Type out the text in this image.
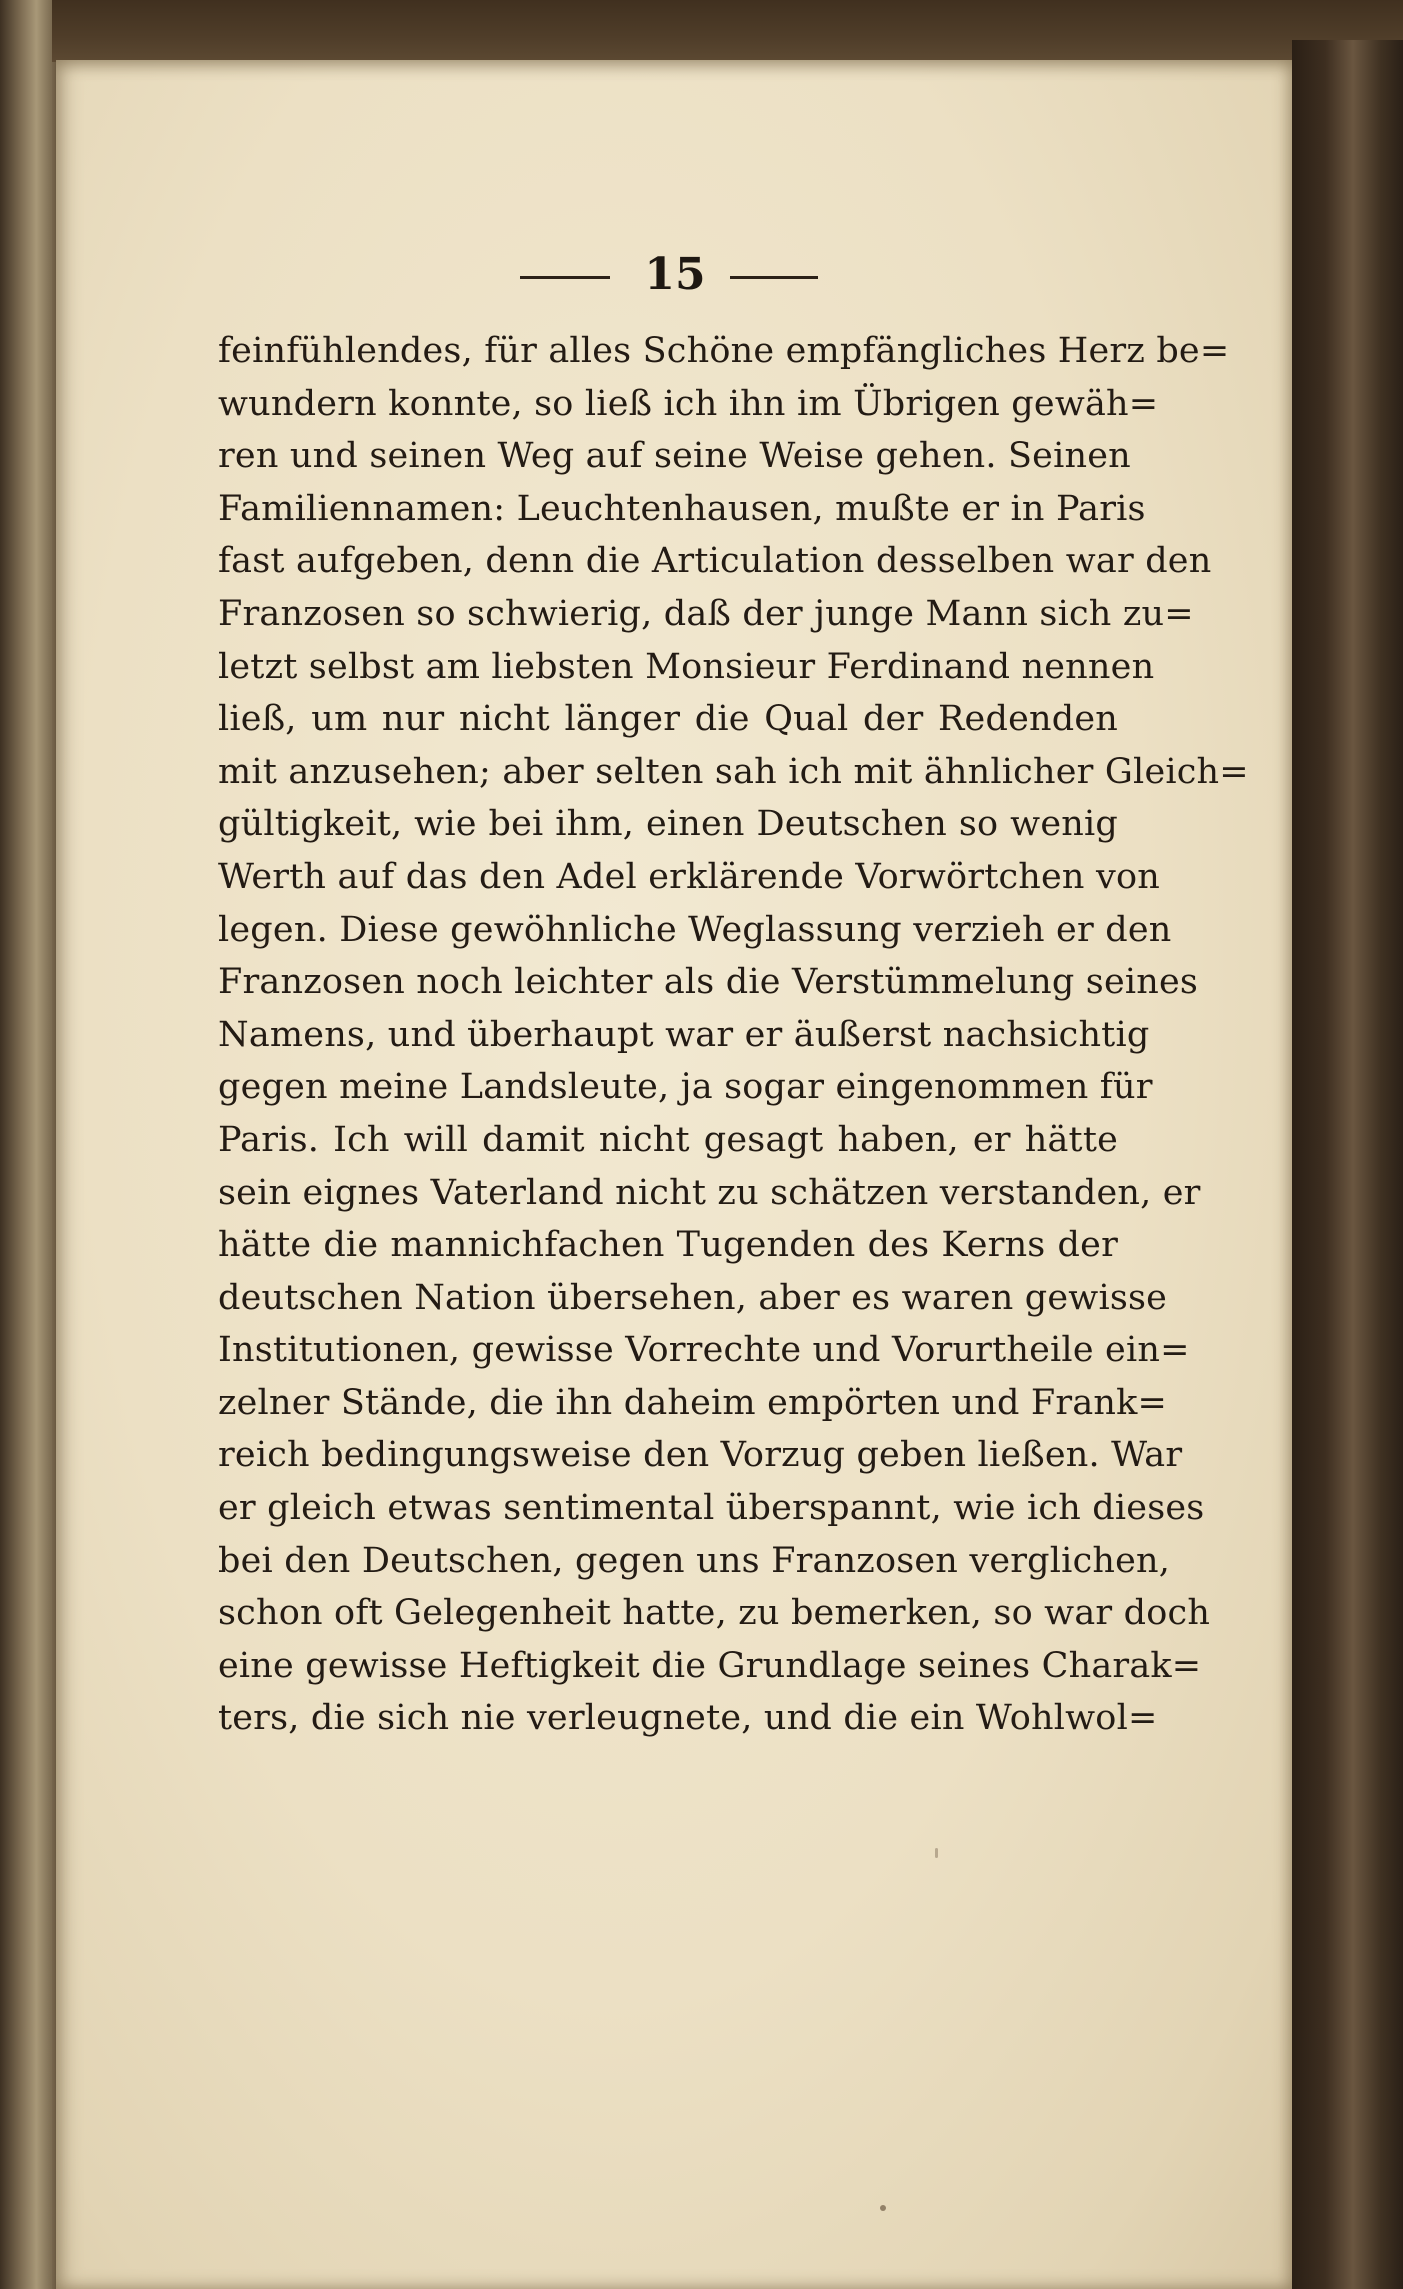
15
feinfühlendes, für alles Schöne empfängliches Herz be=
wundern konnte, so ließ ich ihn im Übrigen gewäh=
ren und seinen Weg auf seine Weise gehen. Seinen
Familiennamen: Leuchtenhausen, mußte er in Paris
fast aufgeben, denn die Articulation desselben war den
Franzosen so schwierig, daß der junge Mann sich zu=
letzt selbst am liebsten Monsieur Ferdinand nennen
ließ, um nur nicht länger die Qual der Redenden
mit anzusehen; aber selten sah ich mit ähnlicher Gleich=
gültigkeit, wie bei ihm, einen Deutschen so wenig
Werth auf das den Adel erklärende Vorwörtchen von
legen. Diese gewöhnliche Weglassung verzieh er den
Franzosen noch leichter als die Verstümmelung seines
Namens, und überhaupt war er äußerst nachsichtig
gegen meine Landsleute, ja sogar eingenommen für
Paris. Ich will damit nicht gesagt haben, er hätte
sein eignes Vaterland nicht zu schätzen verstanden, er
hätte die mannichfachen Tugenden des Kerns der
deutschen Nation übersehen, aber es waren gewisse
Institutionen, gewisse Vorrechte und Vorurtheile ein=
zelner Stände, die ihn daheim empörten und Frank=
reich bedingungsweise den Vorzug geben ließen. War
er gleich etwas sentimental überspannt, wie ich dieses
bei den Deutschen, gegen uns Franzosen verglichen,
schon oft Gelegenheit hatte, zu bemerken, so war doch
eine gewisse Heftigkeit die Grundlage seines Charak=
ters, die sich nie verleugnete, und die ein Wohlwol=
